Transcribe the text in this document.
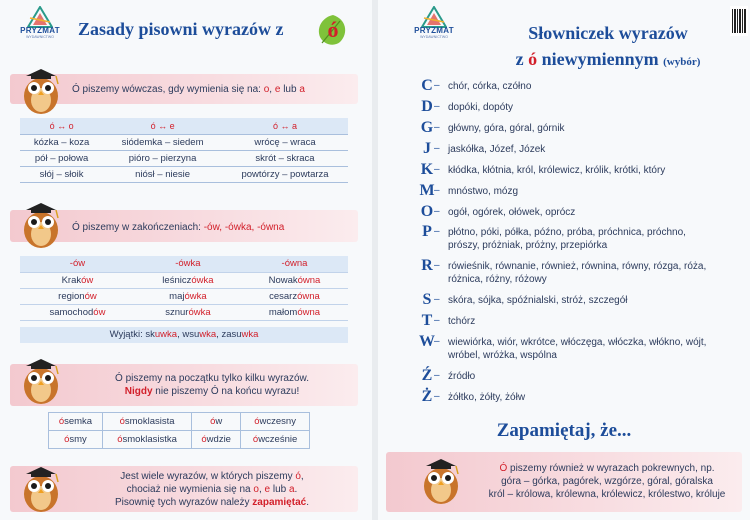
PRYZMAT
WYDAWNICTWO	Zasady pisowni wyrazów z	ó
Ó piszemy wówczas, gdy wymienia się na: o, e lub a
ó ↔ o	ó ↔ e	ó ↔ a
kózka – koza	siódemka – siedem	wrócę – wraca
pół – połowa	pióro – pierzyna	skrót – skraca
słój – słoik	niósł – niesie	powtórzy – powtarza
Ó piszemy w zakończeniach: -ów, -ówka, -ówna
-ów	-ówka	-ówna
Kraków	leśniczówka	Nowakówna
regionów	majówka	cesarzówna
samochodów	sznurówka	małomówna
Wyjątki: skuwka, wsuwka, zasuwka
Ó piszemy na początku tylko kilku wyrazów.
Nigdy nie piszemy Ó na końcu wyrazu!
ósemka	ósmoklasista	ów	ówczesny
ósmy	ósmoklasistka	ówdzie	ówcześnie
Jest wiele wyrazów, w których piszemy ó,
chociaż nie wymienia się na o, e lub a.
Pisownię tych wyrazów należy zapamiętać.
PRYZMAT
WYDAWNICTWO	Słowniczek wyrazów
z ó niewymiennym (wybór)
C – chór, córka, czółno
D – dopóki, dopóty
G – główny, góra, góral, górnik
J – jaskółka, Józef, Józek
K – kłódka, kłótnia, król, królewicz, królik, krótki, który
M – mnóstwo, mózg
O – ogół, ogórek, ołówek, oprócz
P – płótno, póki, półka, późno, próba, próchnica, próchno,
prószy, próżniak, próżny, przepiórka
R – rówieśnik, równanie, również, równina, równy, rózga, róża,
różnica, różny, różowy
S – skóra, sójka, spóźnialski, stróż, szczegół
T – tchórz
W – wiewiórka, wiór, wkrótce, włóczęga, włóczka, włókno, wójt,
wróbel, wróżka, wspólna
Ź – źródło
Ż – żółtko, żółty, żółw
Zapamiętaj, że...
Ó piszemy również w wyrazach pokrewnych, np.
góra – górka, pagórek, wzgórze, góral, góralska
król – królowa, królewna, królewicz, królestwo, króluje
